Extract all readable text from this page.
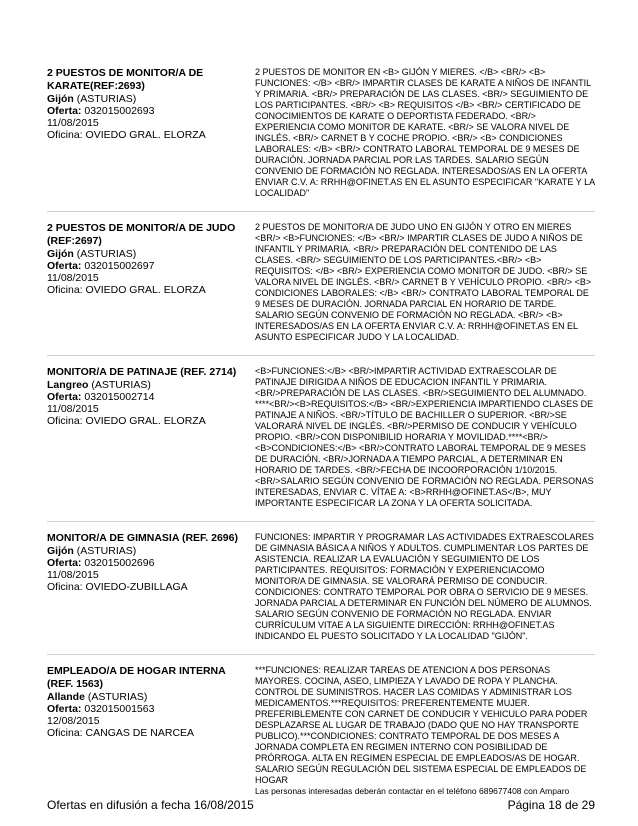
2 PUESTOS DE MONITOR/A DE KARATE(REF:2693)
Gijón (ASTURIAS)
Oferta: 032015002693
11/08/2015
Oficina: OVIEDO GRAL. ELORZA
2 PUESTOS DE MONITOR EN <B> GIJÓN Y MIERES. </B> <BR/> <B> FUNCIONES: </B> <BR/> IMPARTIR CLASES DE KARATE A NIÑOS DE INFANTIL Y PRIMARIA. <BR/> PREPARACIÓN DE LAS CLASES. <BR/> SEGUIMIENTO DE LOS PARTICIPANTES. <BR/> <B> REQUISITOS </B> <BR/> CERTIFICADO DE CONOCIMIENTOS DE KARATE O DEPORTISTA FEDERADO. <BR/> EXPERIENCIA COMO MONITOR DE KARATE. <BR/> SE VALORA NIVEL DE INGLÉS. <BR/> CARNET B Y COCHE PROPIO. <BR/> <B> CONDICIONES LABORALES: </B> <BR/> CONTRATO LABORAL TEMPORAL DE 9 MESES DE DURACIÓN. JORNADA PARCIAL POR LAS TARDES. SALARIO SEGÚN CONVENIO DE FORMACIÓN NO REGLADA. INTERESADOS/AS EN LA OFERTA ENVIAR C.V. A: RRHH@OFINET.AS EN EL ASUNTO ESPECIFICAR "KARATE Y LA LOCALIDAD"
2 PUESTOS DE MONITOR/A DE JUDO (REF:2697)
Gijón (ASTURIAS)
Oferta: 032015002697
11/08/2015
Oficina: OVIEDO GRAL. ELORZA
2 PUESTOS DE MONITOR/A DE JUDO UNO EN GIJÓN Y OTRO EN MIERES <BR/> <B>FUNCIONES: </B> <BR/> IMPARTIR CLASES DE JUDO A NIÑOS DE INFANTIL Y PRIMARIA. <BR/> PREPARACIÓN DEL CONTENIDO DE LAS CLASES. <BR/> SEGUIMIENTO DE LOS PARTICIPANTES.<BR/> <B> REQUISITOS: </B> <BR/> EXPERIENCIA COMO MONITOR DE JUDO. <BR/> SE VALORA NIVEL DE INGLÉS. <BR/> CARNET B Y VEHÍCULO PROPIO. <BR/> <B> CONDICIONES LABORALES: </B> <BR/> CONTRATO LABORAL TEMPORAL DE 9 MESES DE DURACIÓN. JORNADA PARCIAL EN HORARIO DE TARDE. SALARIO SEGÚN CONVENIO DE FORMACIÓN NO REGLADA. <BR/> <B> INTERESADOS/AS EN LA OFERTA ENVIAR C.V. A: RRHH@OFINET.AS EN EL ASUNTO ESPECIFICAR JUDO Y LA LOCALIDAD.
MONITOR/A DE PATINAJE (REF. 2714)
Langreo (ASTURIAS)
Oferta: 032015002714
11/08/2015
Oficina: OVIEDO GRAL. ELORZA
<B>FUNCIONES:</B> <BR/>IMPARTIR ACTIVIDAD EXTRAESCOLAR DE PATINAJE DIRIGIDA A NIÑOS DE EDUCACION INFANTIL Y PRIMARIA. <BR/>PREPARACIÓN DE LAS CLASES. <BR/>SEGUIMIENTO DEL ALUMNADO. ****<BR/><B>REQUISITOS:</B> <BR/>EXPERIENCIA IMPARTIENDO CLASES DE PATINAJE A NIÑOS. <BR/>TÍTULO DE BACHILLER O SUPERIOR. <BR/>SE VALORARÁ NIVEL DE INGLÉS. <BR/>PERMISO DE CONDUCIR Y VEHÍCULO PROPIO. <BR/>CON DISPONIBILID HORARIA Y MOVILIDAD.****<BR/><B>CONDICIONES:</B> <BR/>CONTRATO LABORAL TEMPORAL DE 9 MESES DE DURACIÓN. <BR/>JORNADA A TIEMPO PARCIAL, A DETERMINAR EN HORARIO DE TARDES. <BR/>FECHA DE INCOORPORACIÓN 1/10/2015. <BR/>SALARIO SEGÚN CONVENIO DE FORMACIÓN NO REGLADA. PERSONAS INTERESADAS, ENVIAR C. VÍTAE A: <B>RRHH@OFINET.AS</B>, MUY IMPORTANTE ESPECIFICAR LA ZONA Y LA OFERTA SOLICITADA.
MONITOR/A DE GIMNASIA (REF. 2696)
Gijón (ASTURIAS)
Oferta: 032015002696
11/08/2015
Oficina: OVIEDO-ZUBILLAGA
FUNCIONES: IMPARTIR Y PROGRAMAR LAS ACTIVIDADES EXTRAESCOLARES DE GIMNASIA BÁSICA A NIÑOS Y ADULTOS. CUMPLIMENTAR LOS PARTES DE ASISTENCIA. REALIZAR LA EVALUACIÓN Y SEGUIMIENTO DE LOS PARTICIPANTES. REQUISITOS: FORMACIÓN Y EXPERIENCIACOMO MONITOR/A DE GIMNASIA. SE VALORARÁ PERMISO DE CONDUCIR. CONDICIONES: CONTRATO TEMPORAL POR OBRA O SERVICIO DE 9 MESES. JORNADA PARCIAL A DETERMINAR EN FUNCIÓN DEL NÚMERO DE ALUMNOS. SALARIO SEGÚN CONVENIO DE FORMACIÓN NO REGLADA. ENVIAR CURRÍCULUM VITAE A LA SIGUIENTE DIRECCIÓN: RRHH@OFINET.AS INDICANDO EL PUESTO SOLICITADO Y LA LOCALIDAD "GIJÓN".
EMPLEADO/A DE HOGAR INTERNA (REF. 1563)
Allande (ASTURIAS)
Oferta: 032015001563
12/08/2015
Oficina: CANGAS DE NARCEA
***FUNCIONES: REALIZAR TAREAS DE ATENCION A DOS PERSONAS MAYORES. COCINA, ASEO, LIMPIEZA Y LAVADO DE ROPA Y PLANCHA. CONTROL DE SUMINISTROS. HACER LAS COMIDAS Y ADMINISTRAR LOS MEDICAMENTOS.***REQUISITOS: PREFERENTEMENTE MUJER. PREFERIBLEMENTE CON CARNET DE CONDUCIR Y VEHICULO PARA PODER DESPLAZARSE AL LUGAR DE TRABAJO (DADO QUE NO HAY TRANSPORTE PUBLICO).***CONDICIONES: CONTRATO TEMPORAL DE DOS MESES A JORNADA COMPLETA EN REGIMEN INTERNO CON POSIBILIDAD DE PRÓRROGA. ALTA EN REGIMEN ESPECIAL DE EMPLEADOS/AS DE HOGAR. SALARIO SEGÚN REGULACIÓN DEL SISTEMA ESPECIAL DE EMPLEADOS DE HOGAR
Las personas interesadas deberán contactar en el teléfono 689677408 con Amparo
Ofertas en difusión a fecha 16/08/2015	Página 18 de 29
